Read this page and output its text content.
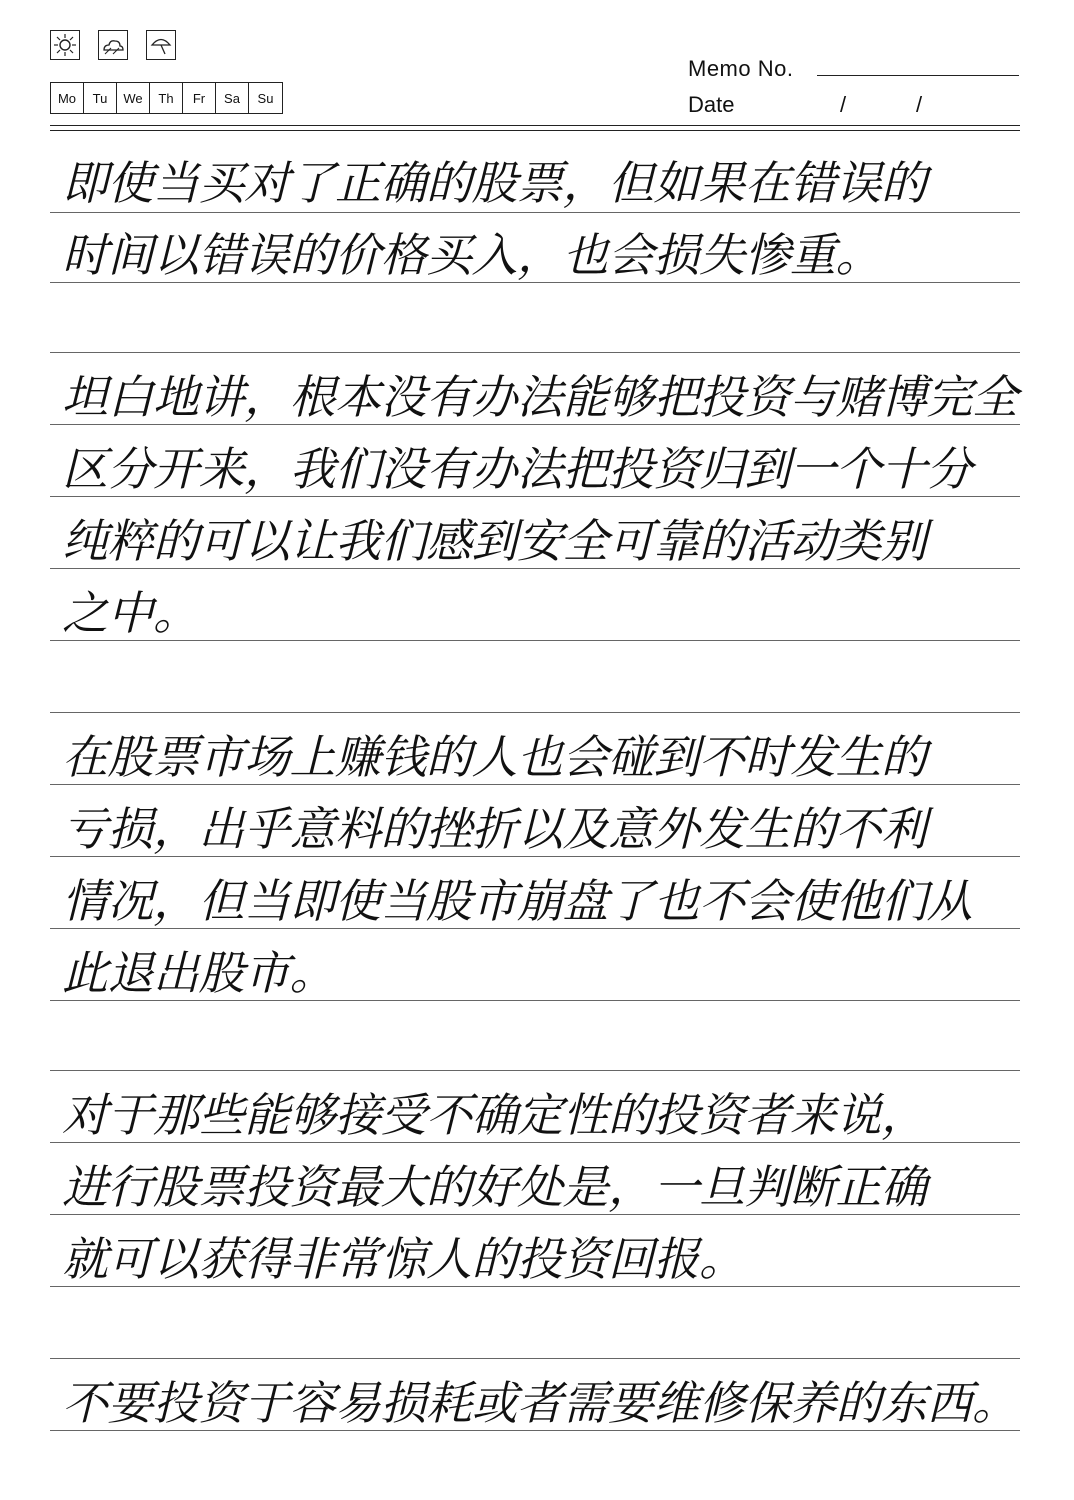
Mo	Tu	We	Th	Fr	Sa	Su
Memo No.
Date	/	/
即使当买对了正确的股票，但如果在错误的
时间以错误的价格买入，也会损失惨重。
坦白地讲，根本没有办法能够把投资与赌博完全
区分开来，我们没有办法把投资归到一个十分
纯粹的可以让我们感到安全可靠的活动类别
之中。
在股票市场上赚钱的人也会碰到不时发生的
亏损，出乎意料的挫折以及意外发生的不利
情况，但当即使当股市崩盘了也不会使他们从
此退出股市。
对于那些能够接受不确定性的投资者来说，
进行股票投资最大的好处是，一旦判断正确
就可以获得非常惊人的投资回报。
不要投资于容易损耗或者需要维修保养的东西。
